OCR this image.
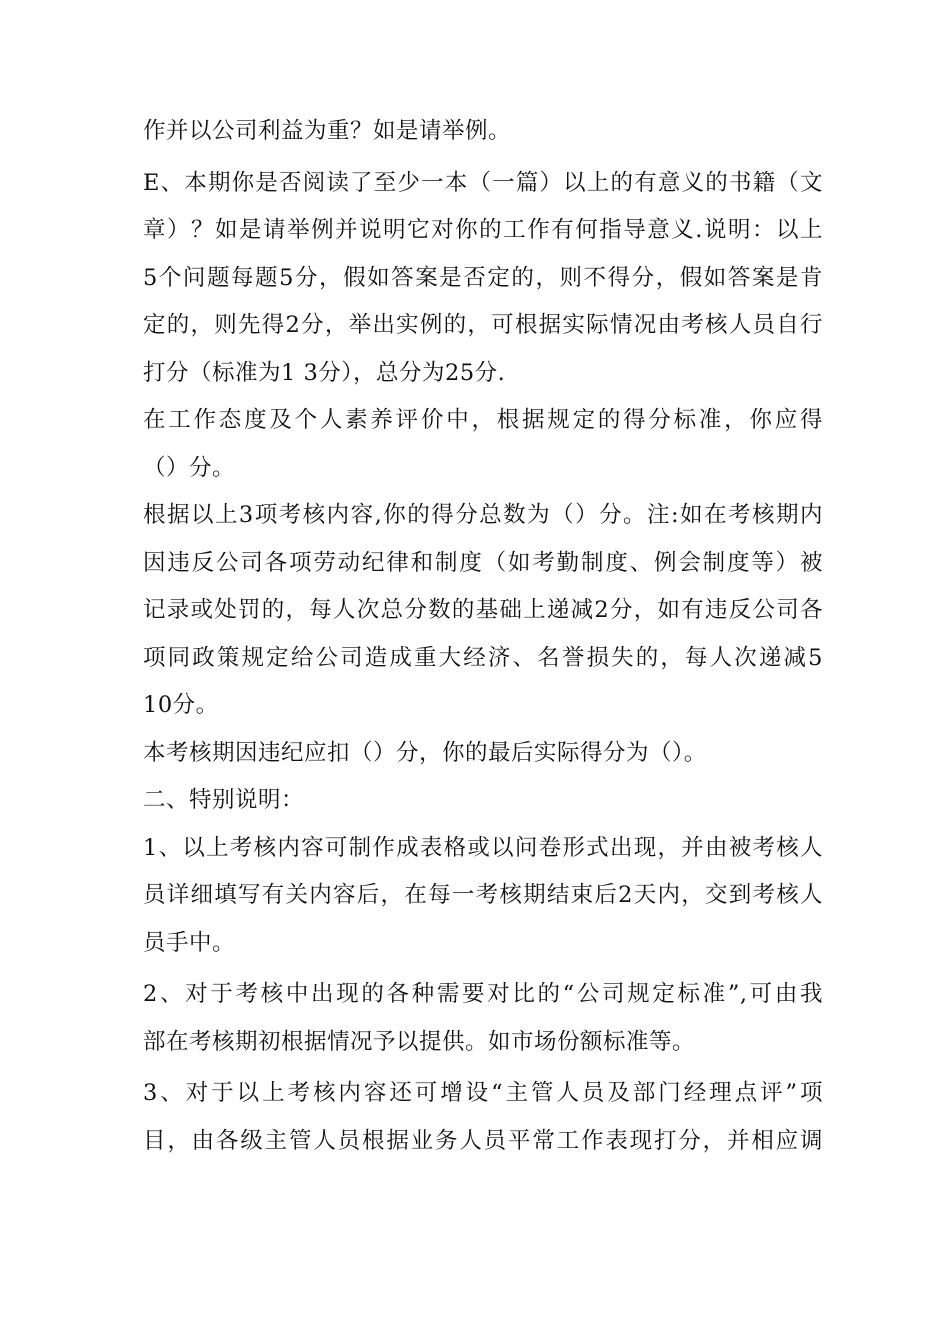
作并以公司利益为重？如是请举例。

E、本期你是否阅读了至少一本（一篇）以上的有意义的书籍（文
章）？如是请举例并说明它对你的工作有何指导意义.说明：以上
5个问题每题5分，假如答案是否定的，则不得分，假如答案是肯
定的，则先得2分，举出实例的，可根据实际情况由考核人员自行
打分（标准为1 3分），总分为25分.

在工作态度及个人素养评价中，根据规定的得分标准，你应得
（）分。

根据以上3项考核内容,你的得分总数为（）分。注:如在考核期内
因违反公司各项劳动纪律和制度（如考勤制度、例会制度等）被
记录或处罚的，每人次总分数的基础上递减2分，如有违反公司各
项同政策规定给公司造成重大经济、名誉损失的，每人次递减5
10分。

本考核期因违纪应扣（）分，你的最后实际得分为（）。

二、特别说明：

1、以上考核内容可制作成表格或以问卷形式出现，并由被考核人
员详细填写有关内容后，在每一考核期结束后2天内，交到考核人
员手中。

2、对于考核中出现的各种需要对比的“公司规定标准”,可由我
部在考核期初根据情况予以提供。如市场份额标准等。

3、对于以上考核内容还可增设“主管人员及部门经理点评”项
目，由各级主管人员根据业务人员平常工作表现打分，并相应调
